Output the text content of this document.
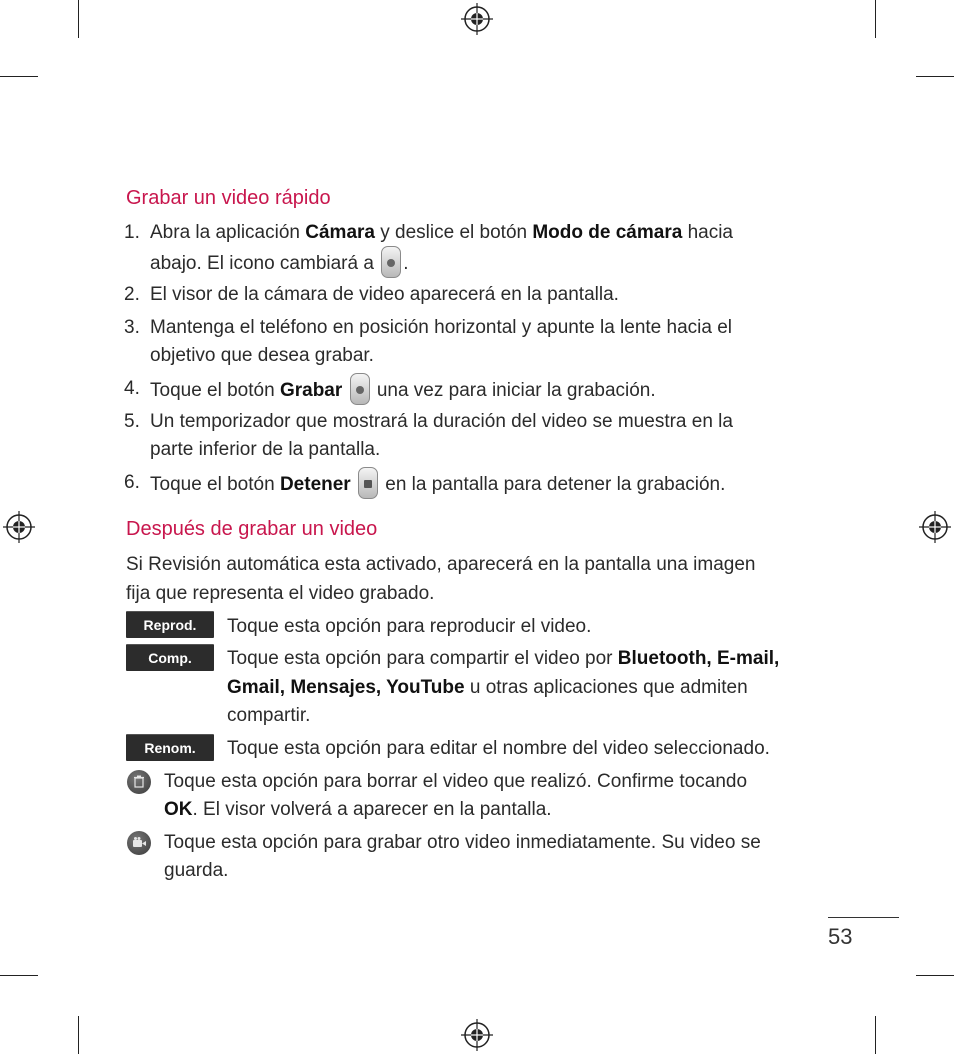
Grabar un video rápido
1. Abra la aplicación Cámara y deslice el botón Modo de cámara hacia
abajo. El icono cambiará a .
2. El visor de la cámara de video aparecerá en la pantalla.
3. Mantenga el teléfono en posición horizontal y apunte la lente hacia el
objetivo que desea grabar.
4. Toque el botón Grabar  una vez para iniciar la grabación.
5. Un temporizador que mostrará la duración del video se muestra en la
parte inferior de la pantalla.
6. Toque el botón Detener  en la pantalla para detener la grabación.
Después de grabar un video
Si Revisión automática esta activado, aparecerá en la pantalla una imagen
fija que representa el video grabado.
Reprod.	Toque esta opción para reproducir el video.
Comp.	Toque esta opción para compartir el video por Bluetooth, E-mail,
Gmail, Mensajes, YouTube u otras aplicaciones que admiten
compartir.
Renom.	Toque esta opción para editar el nombre del video seleccionado.
Toque esta opción para borrar el video que realizó. Confirme tocando
OK. El visor volverá a aparecer en la pantalla.
Toque esta opción para grabar otro video inmediatamente. Su video se
guarda.
53
